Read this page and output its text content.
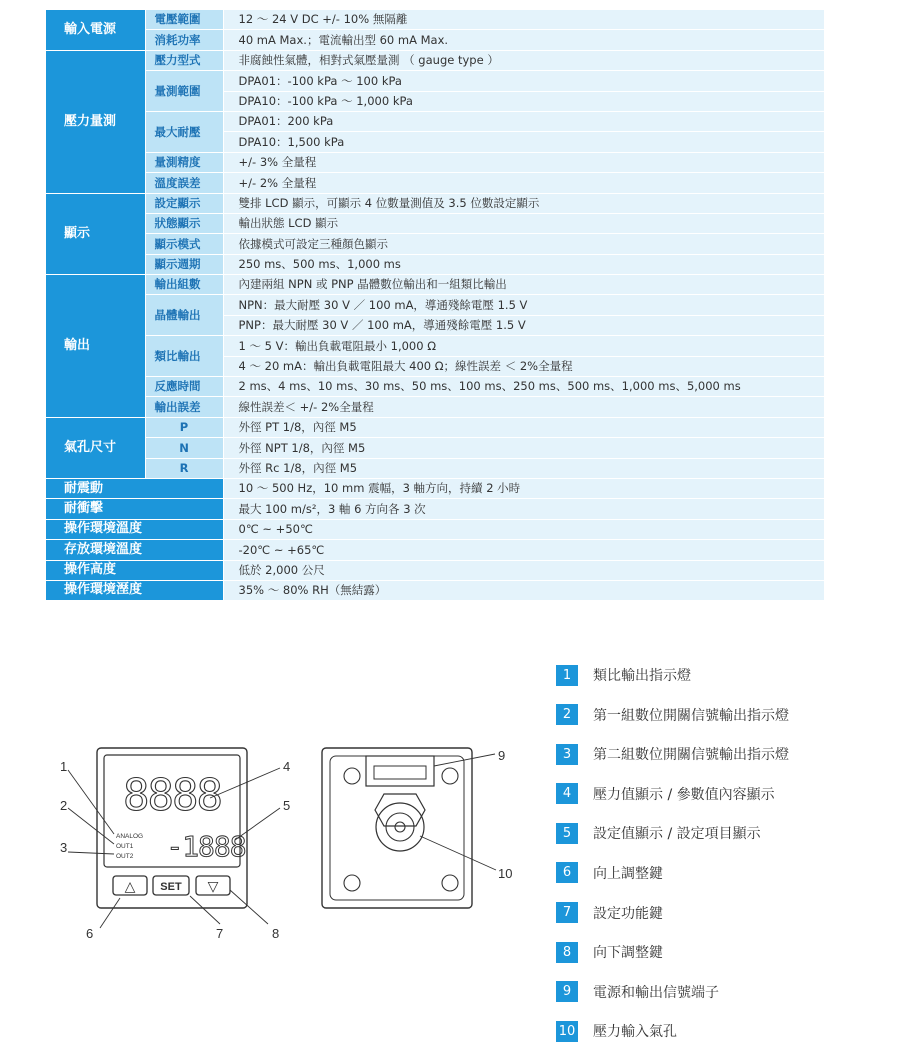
輸入電源	電壓範圍	12 ～ 24 V DC +/- 10% 無隔離
	消耗功率	40 mA Max.；電流輸出型 60 mA Max.
壓力量測	壓力型式	非腐蝕性氣體，相對式氣壓量測 （ gauge type ）
	量測範圍	DPA01：-100 kPa ～ 100 kPa
		DPA10：-100 kPa ～ 1,000 kPa
	最大耐壓	DPA01：200 kPa
		DPA10：1,500 kPa
	量測精度	+/- 3% 全量程
	溫度誤差	+/- 2% 全量程
顯示	設定顯示	雙排 LCD 顯示，可顯示 4 位數量測值及 3.5 位數設定顯示
	狀態顯示	輸出狀態 LCD 顯示
	顯示模式	依據模式可設定三種顏色顯示
	顯示週期	250 ms、500 ms、1,000 ms
輸出	輸出組數	內建兩組 NPN 或 PNP 晶體數位輸出和一組類比輸出
	晶體輸出	NPN：最大耐壓 30 V ／ 100 mA，導通殘餘電壓 1.5 V
		PNP：最大耐壓 30 V ／ 100 mA，導通殘餘電壓 1.5 V
	類比輸出	1 ～ 5 V：輸出負載電阻最小 1,000 Ω
		4 ～ 20 mA：輸出負載電阻最大 400 Ω；線性誤差 ＜ 2%全量程
	反應時間	2 ms、4 ms、10 ms、30 ms、50 ms、100 ms、250 ms、500 ms、1,000 ms、5,000 ms
	輸出誤差	線性誤差＜ +/- 2%全量程
氣孔尺寸	P	外徑 PT 1/8，內徑 M5
	N	外徑 NPT 1/8，內徑 M5
	R	外徑 Rc 1/8，內徑 M5
耐震動		10 ～ 500 Hz，10 mm 震幅，3 軸方向，持續 2 小時
耐衝擊		最大 100 m/s²，3 軸 6 方向各 3 次
操作環境溫度		0℃ ~ +50℃
存放環境溫度		-20℃ ~ +65℃
操作高度		低於 2,000 公尺
操作環境溼度		35% ～ 80% RH（無結露）
8888
-1888
ANALOG
OUT1
OUT2
△ SET ▽
1
2
3
4
5
6	7	8
9
10
1	類比輸出指示燈
2	第一組數位開關信號輸出指示燈
3	第二組數位開關信號輸出指示燈
4	壓力值顯示 / 參數值內容顯示
5	設定值顯示 / 設定項目顯示
6	向上調整鍵
7	設定功能鍵
8	向下調整鍵
9	電源和輸出信號端子
10 壓力輸入氣孔
